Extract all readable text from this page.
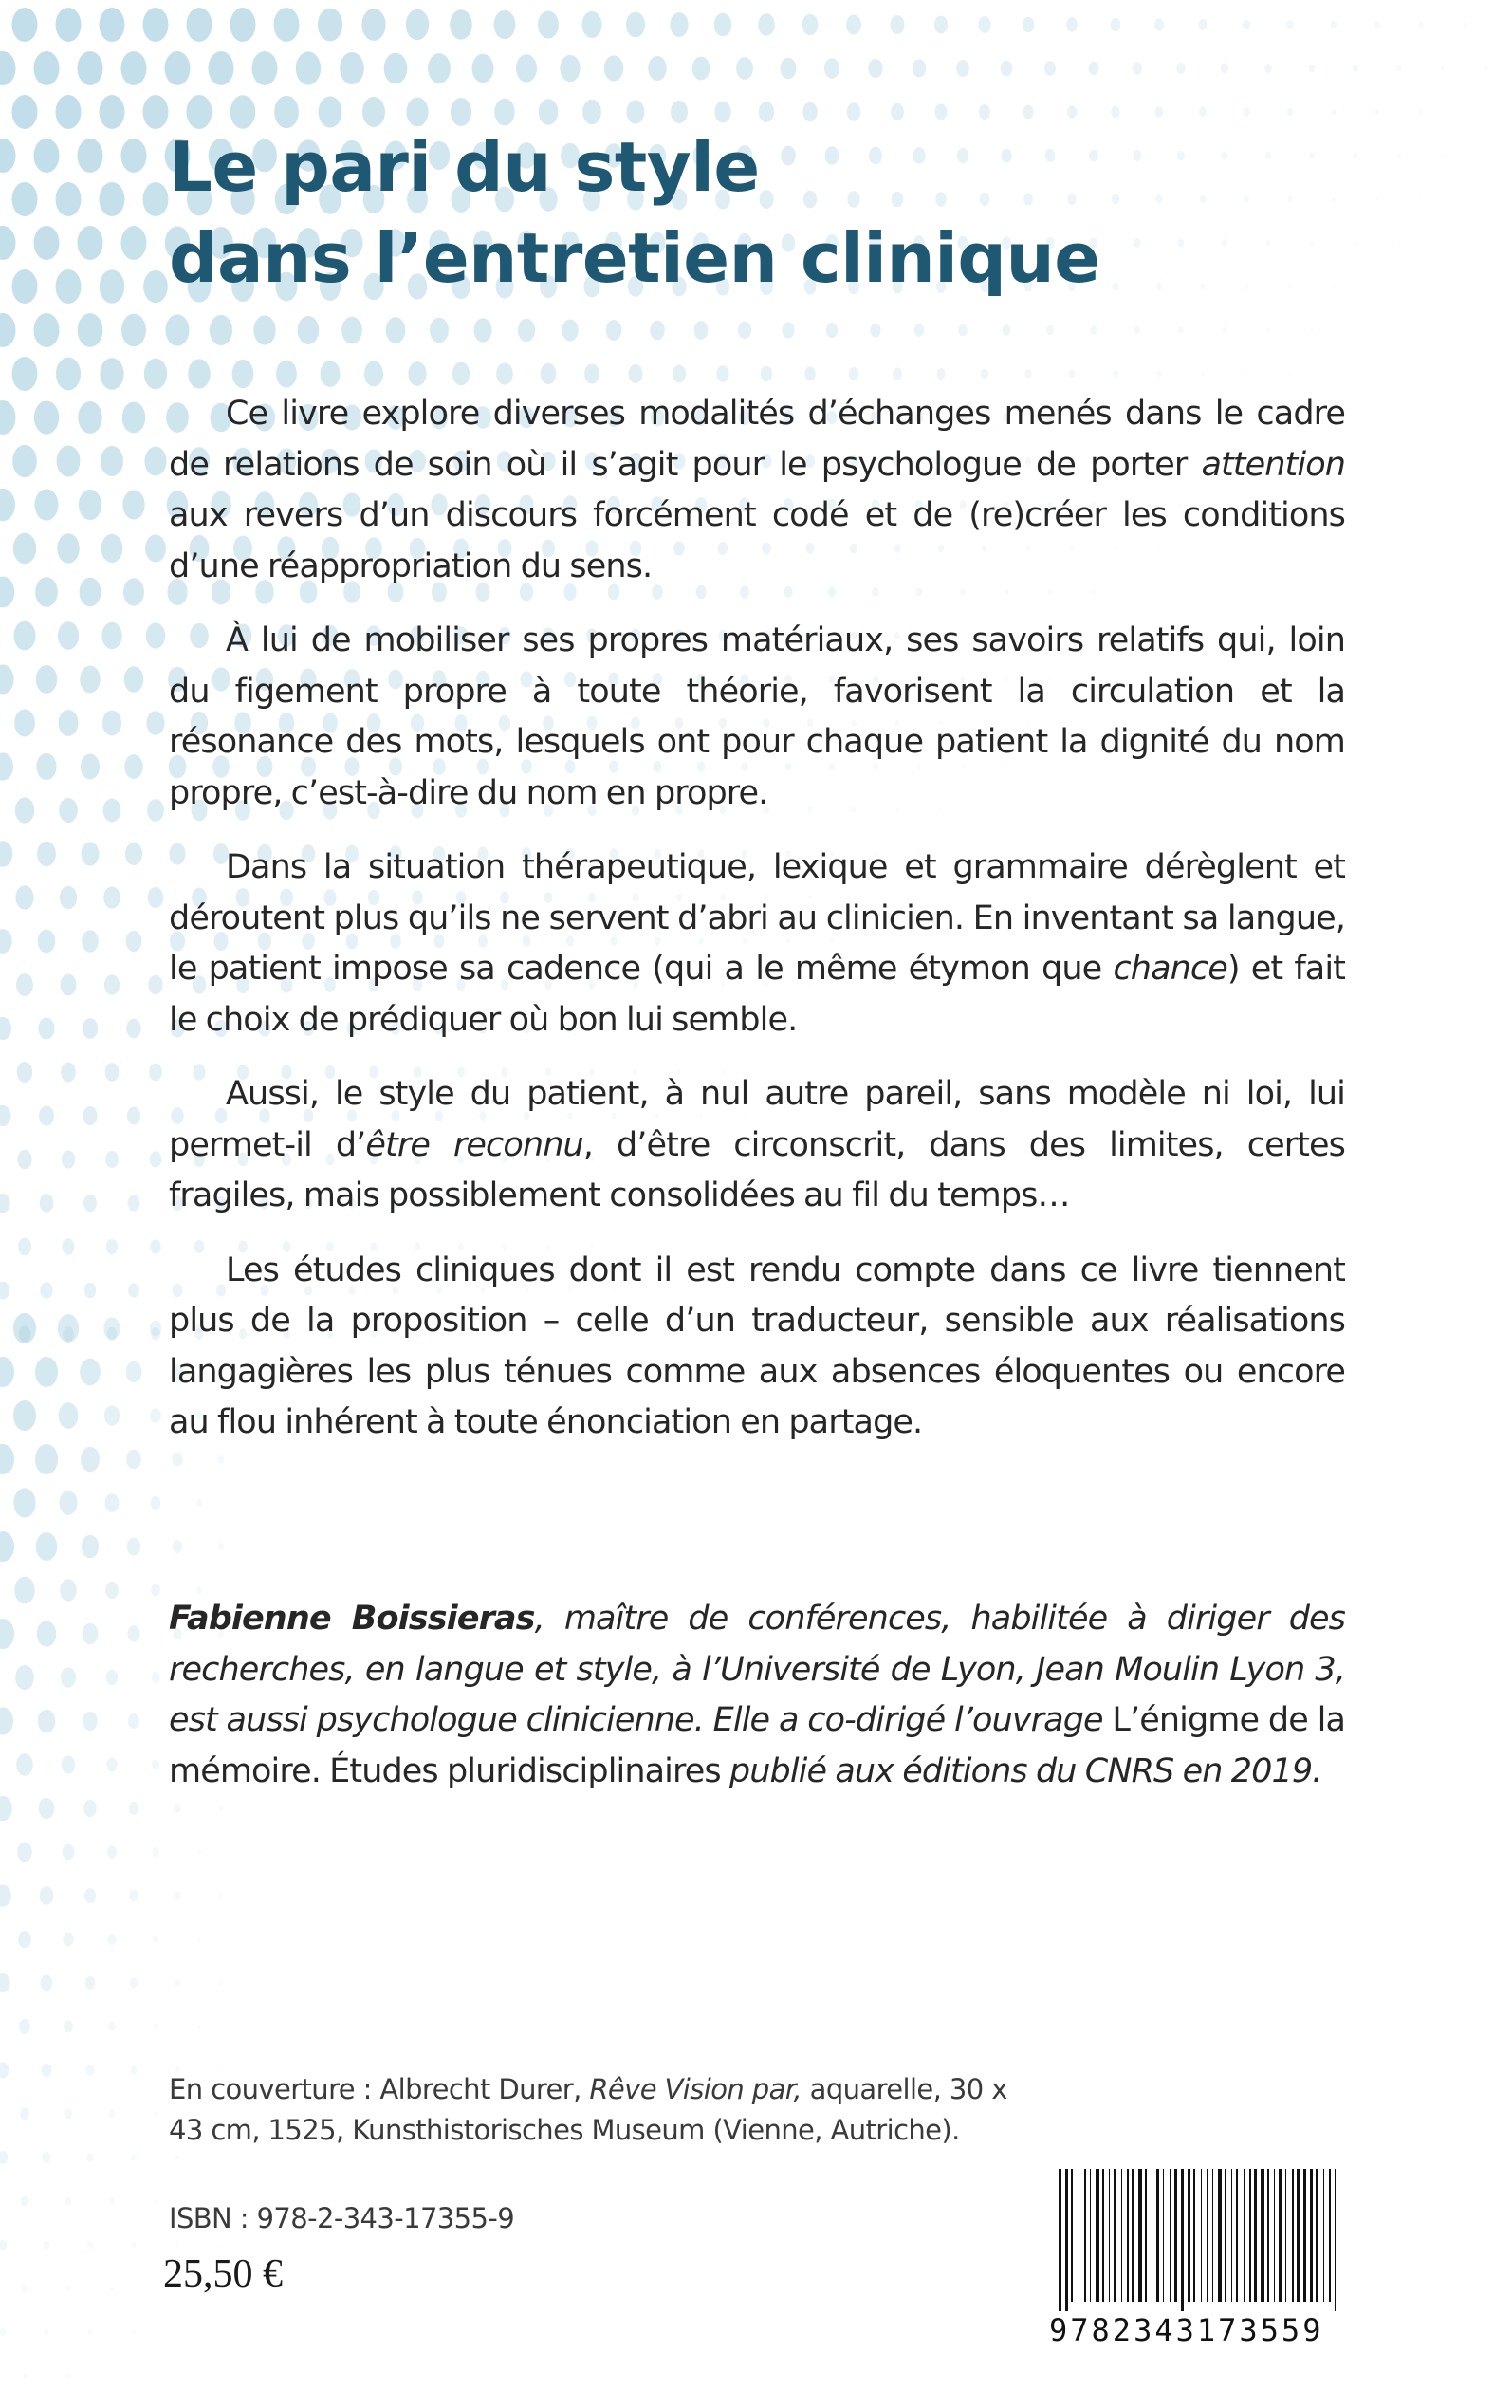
Le pari du style
dans l’entretien clinique

Ce livre explore diverses modalités d’échanges menés dans le cadre de relations de soin où il s’agit pour le psychologue de porter attention aux revers d’un discours forcément codé et de (re)créer les conditions d’une réappropriation du sens.

À lui de mobiliser ses propres matériaux, ses savoirs relatifs qui, loin du figement propre à toute théorie, favorisent la circulation et la résonance des mots, lesquels ont pour chaque patient la dignité du nom propre, c’est-à-dire du nom en propre.

Dans la situation thérapeutique, lexique et grammaire dérèglent et déroutent plus qu’ils ne servent d’abri au clinicien. En inventant sa langue, le patient impose sa cadence (qui a le même étymon que chance) et fait le choix de prédiquer où bon lui semble.

Aussi, le style du patient, à nul autre pareil, sans modèle ni loi, lui permet-il d’être reconnu, d’être circonscrit, dans des limites, certes fragiles, mais possiblement consolidées au fil du temps…

Les études cliniques dont il est rendu compte dans ce livre tiennent plus de la proposition – celle d’un traducteur, sensible aux réalisations langagières les plus ténues comme aux absences éloquentes ou encore au flou inhérent à toute énonciation en partage.

Fabienne Boissieras, maître de conférences, habilitée à diriger des recherches, en langue et style, à l’Université de Lyon, Jean Moulin Lyon 3, est aussi psychologue clinicienne. Elle a co-dirigé l’ouvrage L’énigme de la mémoire. Études pluridisciplinaires publié aux éditions du CNRS en 2019.

En couverture : Albrecht Durer, Rêve Vision par, aquarelle, 30 x 43 cm, 1525, Kunsthistorisches Museum (Vienne, Autriche).

ISBN : 978-2-343-17355-9

25,50 €

9782343173559
